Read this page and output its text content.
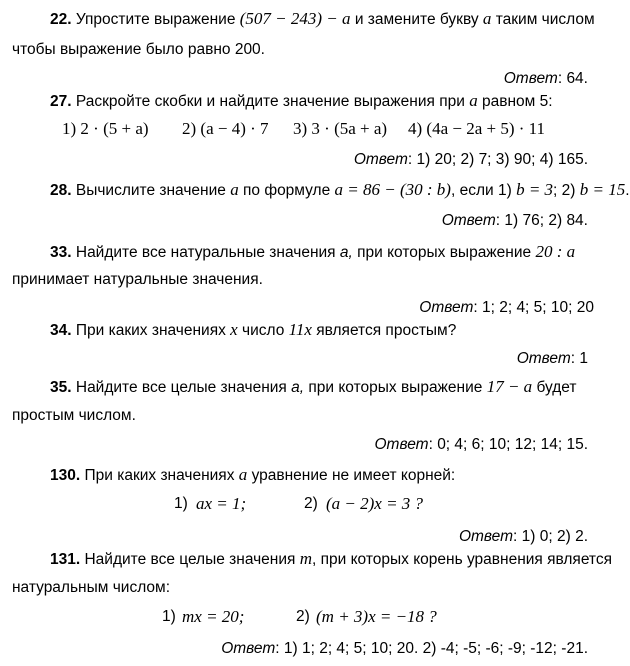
22. Упростите выражение (507 − 243) − a и замените букву a таким числом
чтобы выражение было равно 200.
Ответ: 64.
27. Раскройте скобки и найдите значение выражения при a равном 5:
1) 2 · (5 + a) 2) (a − 4) · 7 3) 3 · (5a + a) 4) (4a − 2a + 5) · 11
Ответ: 1) 20; 2) 7; 3) 90; 4) 165.
28. Вычислите значение a по формуле a = 86 − (30 : b), если 1) b = 3; 2) b = 15.
Ответ: 1) 76; 2) 84.
33. Найдите все натуральные значения a, при которых выражение 20 : a
принимает натуральные значения.
Ответ: 1; 2; 4; 5; 10; 20
34. При каких значениях x число 11x является простым?
Ответ: 1
35. Найдите все целые значения a, при которых выражение 17 − a будет
простым числом.
Ответ: 0; 4; 6; 10; 12; 14; 15.
130. При каких значениях a уравнение не имеет корней:
1) ax = 1;	2) (a − 2)x = 3 ?
Ответ: 1) 0; 2) 2.
131. Найдите все целые значения m, при которых корень уравнения является
натуральным числом:
1) mx = 20;	2) (m + 3)x = −18 ?
Ответ: 1) 1; 2; 4; 5; 10; 20. 2) -4; -5; -6; -9; -12; -21.
